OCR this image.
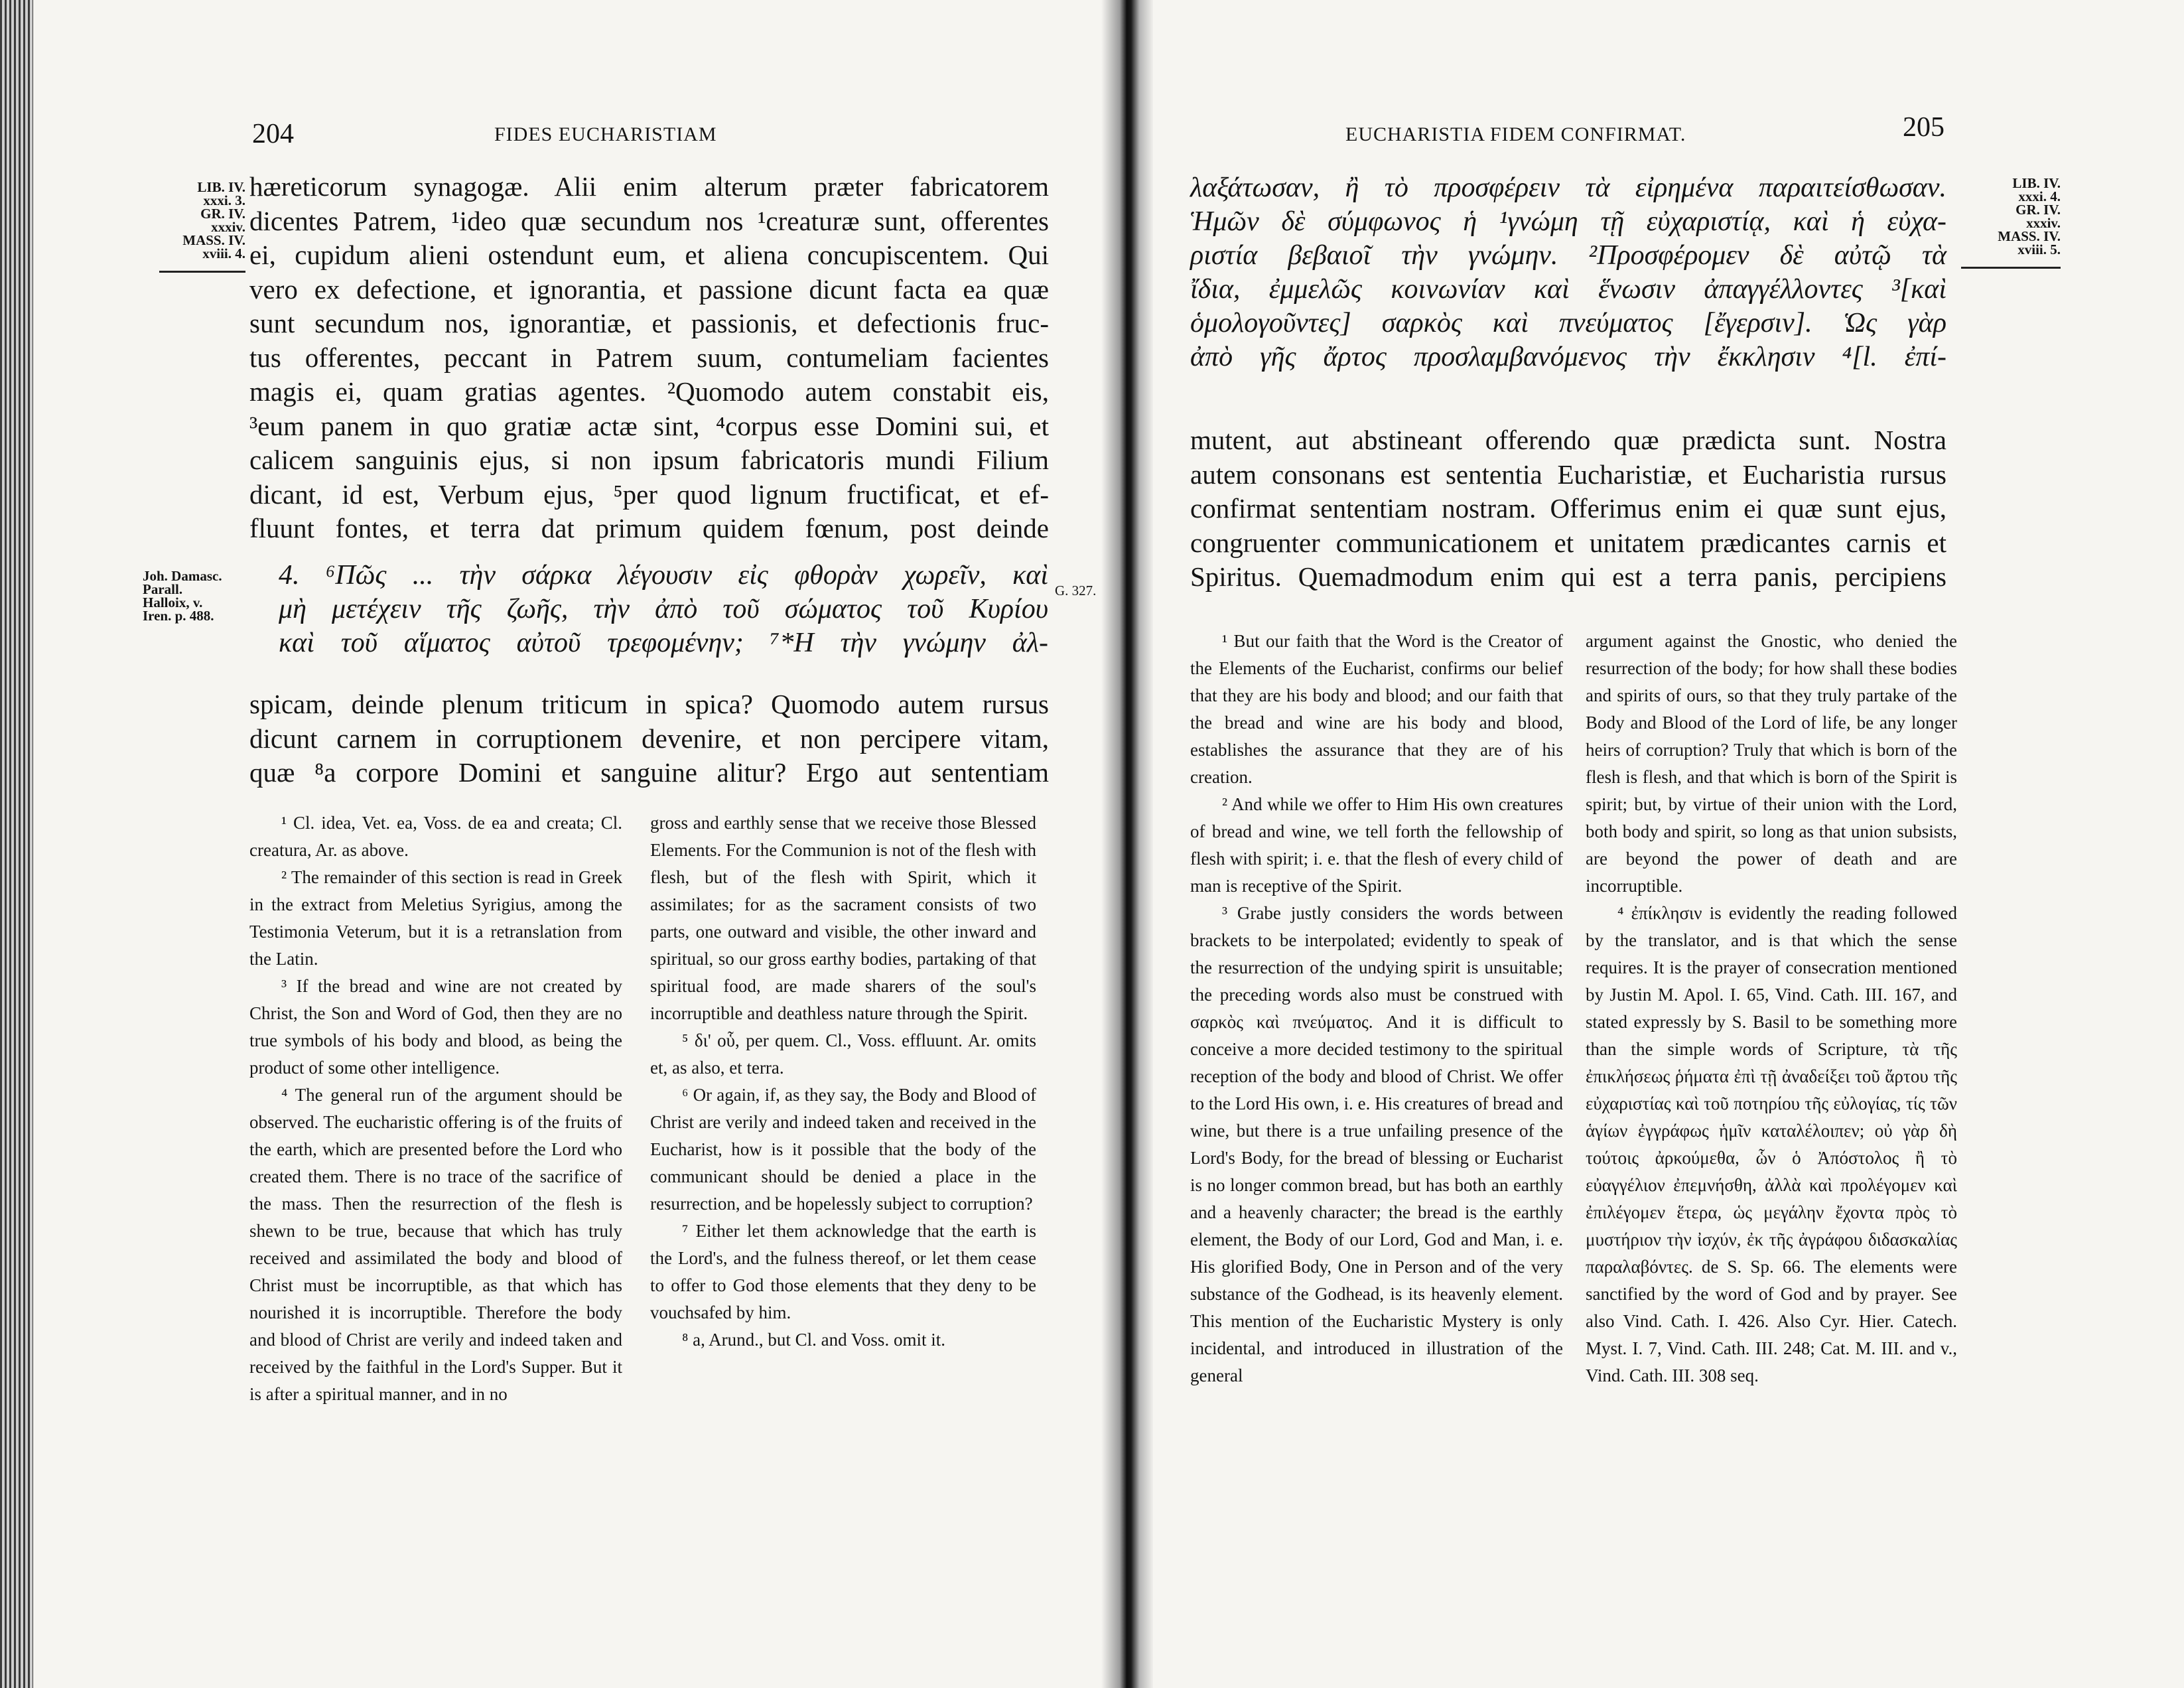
204	FIDES EUCHARISTIAM
LIB. IV.
xxxi. 3.
GR. IV.
xxxiv.
MASS. IV.
xviii. 4.
hæreticorum synagogæ. Alii enim alterum præter fabricatorem
dicentes Patrem, ¹ideo quæ secundum nos ¹creaturæ sunt, offerentes
ei, cupidum alieni ostendunt eum, et aliena concupiscentem. Qui
vero ex defectione, et ignorantia, et passione dicunt facta ea quæ
sunt secundum nos, ignorantiæ, et passionis, et defectionis fruc-
tus offerentes, peccant in Patrem suum, contumeliam facientes
magis ei, quam gratias agentes. ²Quomodo autem constabit eis,
³eum panem in quo gratiæ actæ sint, ⁴corpus esse Domini sui, et
calicem sanguinis ejus, si non ipsum fabricatoris mundi Filium
dicant, id est, Verbum ejus, ⁵per quod lignum fructificat, et ef-
fluunt fontes, et terra dat primum quidem fœnum, post deinde
Joh. Damasc.
Parall.
Halloix, v.
Iren. p. 488.
G. 327.
4. ⁶Πῶς ... τὴν σάρκα λέγουσιν εἰς φθορὰν χωρεῖν, καὶ
μὴ μετέχειν τῆς ζωῆς, τὴν ἀπὸ τοῦ σώματος τοῦ Κυρίου
καὶ τοῦ αἵματος αὐτοῦ τρεφομένην; ⁷*Η τὴν γνώμην ἀλ-
spicam, deinde plenum triticum in spica? Quomodo autem rursus
dicunt carnem in corruptionem devenire, et non percipere vitam,
quæ ⁸a corpore Domini et sanguine alitur? Ergo aut sententiam

¹ Cl. idea, Vet. ea, Voss. de ea and creata; Cl. creatura, Ar. as above.

² The remainder of this section is read in Greek in the extract from Meletius Syrigius, among the Testimonia Veterum, but it is a retranslation from the Latin.

³ If the bread and wine are not created by Christ, the Son and Word of God, then they are no true symbols of his body and blood, as being the product of some other intelligence.

⁴ The general run of the argument should be observed. The eucharistic offering is of the fruits of the earth, which are presented before the Lord who created them. There is no trace of the sacrifice of the mass. Then the resurrection of the flesh is shewn to be true, because that which has truly received and assimilated the body and blood of Christ must be incorruptible, as that which has nourished it is incorruptible. Therefore the body and blood of Christ are verily and indeed taken and received by the faithful in the Lord's Supper. But it is after a spiritual manner, and in no

gross and earthly sense that we receive those Blessed Elements. For the Communion is not of the flesh with flesh, but of the flesh with Spirit, which it assimilates; for as the sacrament consists of two parts, one outward and visible, the other inward and spiritual, so our gross earthy bodies, partaking of that spiritual food, are made sharers of the soul's incorruptible and deathless nature through the Spirit.

⁵ δι' οὗ, per quem. Cl., Voss. effluunt. Ar. omits et, as also, et terra.

⁶ Or again, if, as they say, the Body and Blood of Christ are verily and indeed taken and received in the Eucharist, how is it possible that the body of the communicant should be denied a place in the resurrection, and be hopelessly subject to corruption?

⁷ Either let them acknowledge that the earth is the Lord's, and the fulness thereof, or let them cease to offer to God those elements that they deny to be vouchsafed by him.

⁸ a, Arund., but Cl. and Voss. omit it.

EUCHARISTIA FIDEM CONFIRMAT.	205
LIB. IV.
xxxi. 4.
GR. IV.
xxxiv.
MASS. IV.
xviii. 5.
λαξάτωσαν, ἢ τὸ προσφέρειν τὰ εἰρημένα παραιτείσθωσαν.
Ἡμῶν δὲ σύμφωνος ἡ ¹γνώμη τῇ εὐχαριστίᾳ, καὶ ἡ εὐχα-
ριστία βεβαιοῖ τὴν γνώμην. ²Προσφέρομεν δὲ αὐτῷ τὰ
ἴδια, ἐμμελῶς κοινωνίαν καὶ ἕνωσιν ἀπαγγέλλοντες ³[καὶ
ὁμολογοῦντες] σαρκὸς καὶ πνεύματος [ἔγερσιν]. Ὡς γὰρ
ἀπὸ γῆς ἄρτος προσλαμβανόμενος τὴν ἔκκλησιν ⁴[l. ἐπί-
mutent, aut abstineant offerendo quæ prædicta sunt. Nostra
autem consonans est sententia Eucharistiæ, et Eucharistia rursus
confirmat sententiam nostram. Offerimus enim ei quæ sunt ejus,
congruenter communicationem et unitatem prædicantes carnis et
Spiritus. Quemadmodum enim qui est a terra panis, percipiens

¹ But our faith that the Word is the Creator of the Elements of the Eucharist, confirms our belief that they are his body and blood; and our faith that the bread and wine are his body and blood, establishes the assurance that they are of his creation.

² And while we offer to Him His own creatures of bread and wine, we tell forth the fellowship of flesh with spirit; i. e. that the flesh of every child of man is receptive of the Spirit.

³ Grabe justly considers the words between brackets to be interpolated; evidently to speak of the resurrection of the undying spirit is unsuitable; the preceding words also must be construed with σαρκὸς καὶ πνεύματος. And it is difficult to conceive a more decided testimony to the spiritual reception of the body and blood of Christ. We offer to the Lord His own, i. e. His creatures of bread and wine, but there is a true unfailing presence of the Lord's Body, for the bread of blessing or Eucharist is no longer common bread, but has both an earthly and a heavenly character; the bread is the earthly element, the Body of our Lord, God and Man, i. e. His glorified Body, One in Person and of the very substance of the Godhead, is its heavenly element. This mention of the Eucharistic Mystery is only incidental, and introduced in illustration of the general

argument against the Gnostic, who denied the resurrection of the body; for how shall these bodies and spirits of ours, so that they truly partake of the Body and Blood of the Lord of life, be any longer heirs of corruption? Truly that which is born of the flesh is flesh, and that which is born of the Spirit is spirit; but, by virtue of their union with the Lord, both body and spirit, so long as that union subsists, are beyond the power of death and are incorruptible.

⁴ ἐπίκλησιν is evidently the reading followed by the translator, and is that which the sense requires. It is the prayer of consecration mentioned by Justin M. Apol. I. 65, Vind. Cath. III. 167, and stated expressly by S. Basil to be something more than the simple words of Scripture, τὰ τῆς ἐπικλήσεως ῥήματα ἐπὶ τῇ ἀναδείξει τοῦ ἄρτου τῆς εὐχαριστίας καὶ τοῦ ποτηρίου τῆς εὐλογίας, τίς τῶν ἁγίων ἐγγράφως ἡμῖν καταλέλοιπεν; οὐ γὰρ δὴ τούτοις ἀρκούμεθα, ὧν ὁ Ἀπόστολος ἢ τὸ εὐαγγέλιον ἐπεμνήσθη, ἀλλὰ καὶ προλέγομεν καὶ ἐπιλέγομεν ἕτερα, ὡς μεγάλην ἔχοντα πρὸς τὸ μυστήριον τὴν ἰσχύν, ἐκ τῆς ἀγράφου διδασκαλίας παραλαβόντες. de S. Sp. 66. The elements were sanctified by the word of God and by prayer. See also Vind. Cath. I. 426. Also Cyr. Hier. Catech. Myst. I. 7, Vind. Cath. III. 248; Cat. M. III. and v., Vind. Cath. III. 308 seq.
